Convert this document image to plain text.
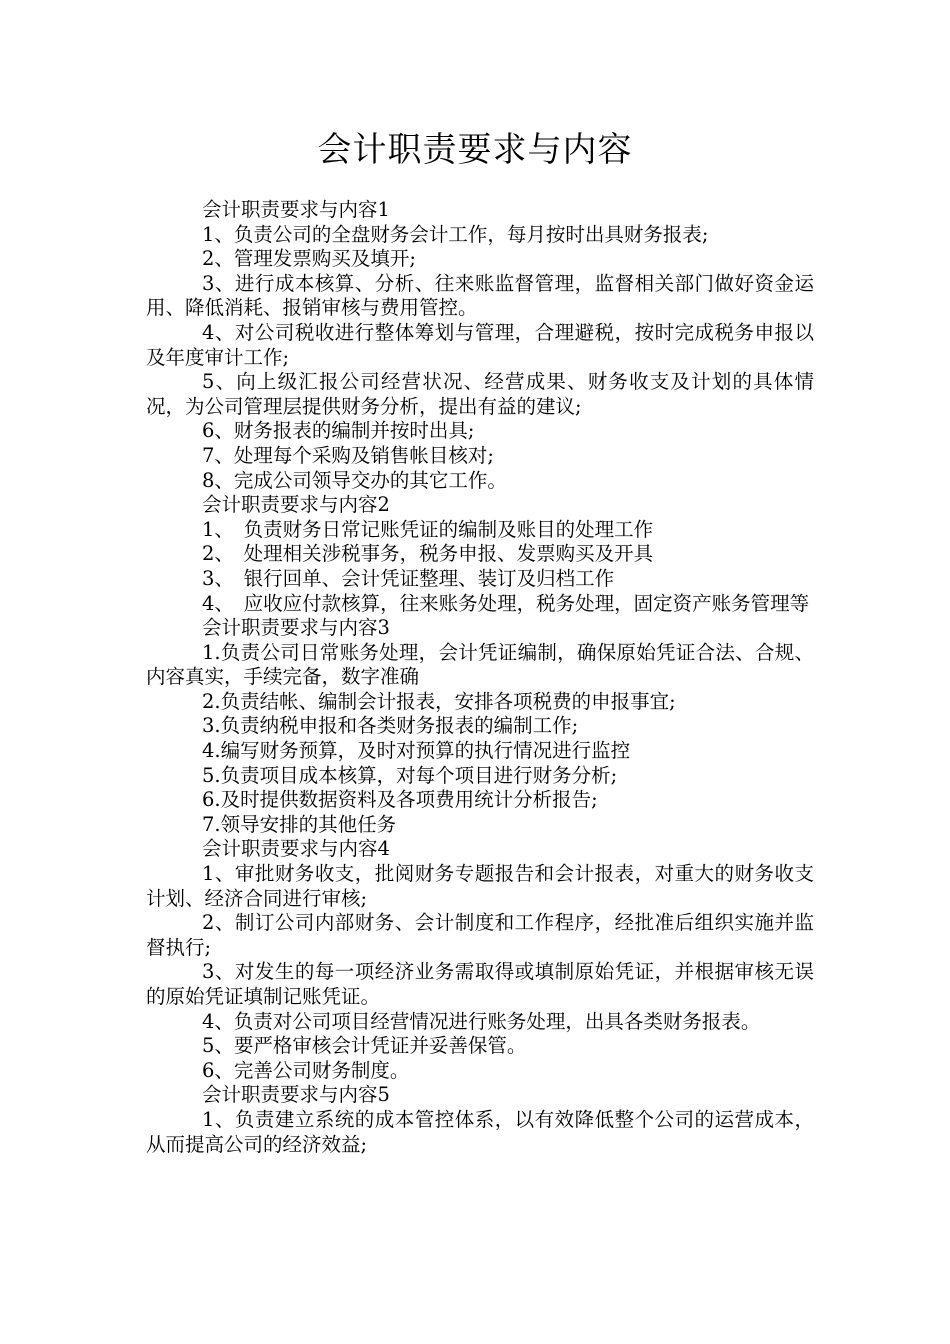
会计职责要求与内容

会计职责要求与内容1

1、负责公司的全盘财务会计工作，每月按时出具财务报表;

2、管理发票购买及填开;

3、进行成本核算、分析、往来账监督管理，监督相关部门做好资金运用、降低消耗、报销审核与费用管控。

4、对公司税收进行整体筹划与管理，合理避税，按时完成税务申报以及年度审计工作;

5、向上级汇报公司经营状况、经营成果、财务收支及计划的具体情况，为公司管理层提供财务分析，提出有益的建议;

6、财务报表的编制并按时出具;

7、处理每个采购及销售帐目核对;

8、完成公司领导交办的其它工作。

会计职责要求与内容2

1、　负责财务日常记账凭证的编制及账目的处理工作

2、　处理相关涉税事务，税务申报、发票购买及开具

3、　银行回单、会计凭证整理、装订及归档工作

4、　应收应付款核算，往来账务处理，税务处理，固定资产账务管理等

会计职责要求与内容3

1.负责公司日常账务处理，会计凭证编制，确保原始凭证合法、合规、内容真实，手续完备，数字准确

2.负责结帐、编制会计报表，安排各项税费的申报事宜;

3.负责纳税申报和各类财务报表的编制工作;

4.编写财务预算，及时对预算的执行情况进行监控

5.负责项目成本核算，对每个项目进行财务分析;

6.及时提供数据资料及各项费用统计分析报告;

7.领导安排的其他任务

会计职责要求与内容4

1、审批财务收支，批阅财务专题报告和会计报表，对重大的财务收支计划、经济合同进行审核;

2、制订公司内部财务、会计制度和工作程序，经批准后组织实施并监督执行;

3、对发生的每一项经济业务需取得或填制原始凭证，并根据审核无误的原始凭证填制记账凭证。

4、负责对公司项目经营情况进行账务处理，出具各类财务报表。

5、要严格审核会计凭证并妥善保管。

6、完善公司财务制度。

会计职责要求与内容5

1、负责建立系统的成本管控体系，以有效降低整个公司的运营成本，从而提高公司的经济效益;
